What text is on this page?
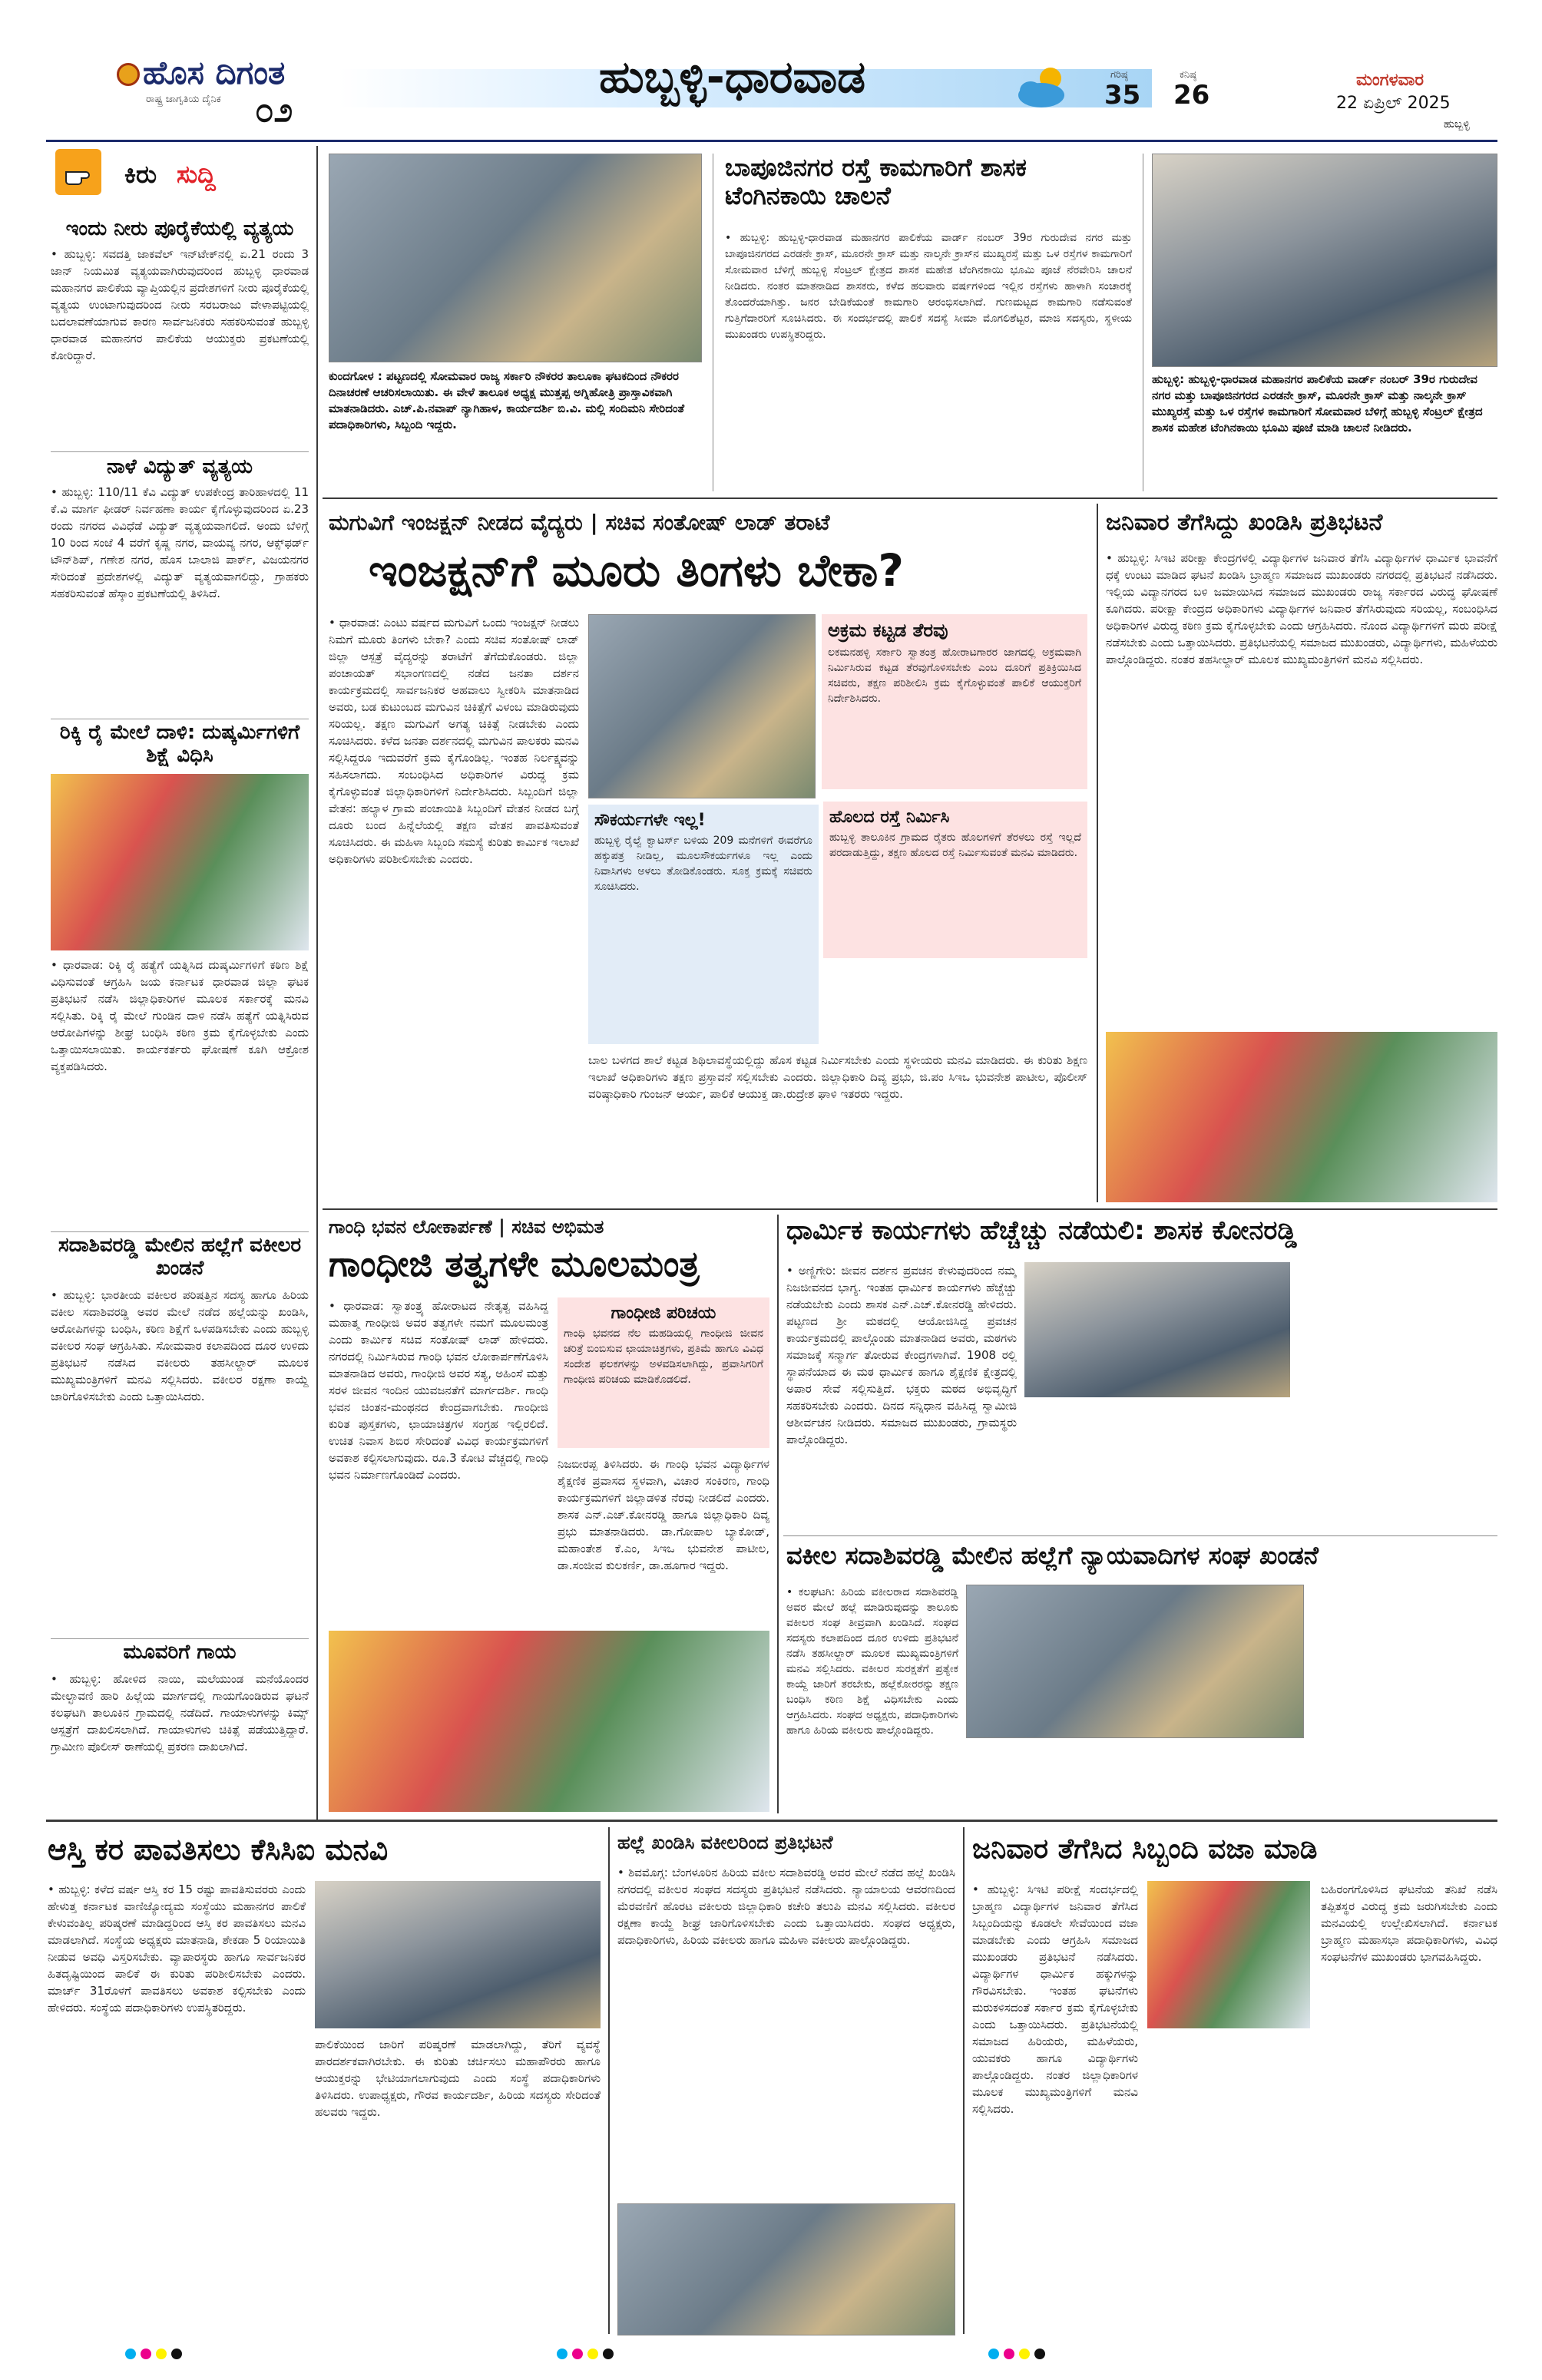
ಹೊಸ ದಿಗಂತ
ರಾಷ್ಟ್ರ ಜಾಗೃತಿಯ ದೈನಿಕ ೦೨
ಹುಬ್ಬಳ್ಳಿ-ಧಾರವಾಡ	ಗರಿಷ್ಠ
35
ಕನಿಷ್ಠ
26	ಮಂಗಳವಾರ
22 ಏಪ್ರಿಲ್ 2025
ಹುಬ್ಬಳ್ಳಿ
ಕಿರು ಸುದ್ದಿ
ಇಂದು ನೀರು ಪೂರೈಕೆಯಲ್ಲಿ ವ್ಯತ್ಯಯ
• ಹುಬ್ಬಳ್ಳಿ: ಸವದತ್ತಿ ಜಾಕವೆಲ್ ಇನ್‌ಟೇಕ್‌ನಲ್ಲಿ ಏ.21 ರಂದು 3 ಜಾನ್ ನಿಯಮಿತ ವ್ಯತ್ಯಯವಾಗಿರುವುದರಿಂದ ಹುಬ್ಬಳ್ಳಿ ಧಾರವಾಡ ಮಹಾನಗರ ಪಾಲಿಕೆಯ ವ್ಯಾಪ್ತಿಯಲ್ಲಿನ ಪ್ರದೇಶಗಳಿಗೆ ನೀರು ಪೂರೈಕೆಯಲ್ಲಿ ವ್ಯತ್ಯಯ ಉಂಟಾಗುವುದರಿಂದ ನೀರು ಸರಬರಾಜು ವೇಳಾಪಟ್ಟಿಯಲ್ಲಿ ಬದಲಾವಣೆಯಾಗುವ ಕಾರಣ ಸಾರ್ವಜನಿಕರು ಸಹಕರಿಸುವಂತೆ ಹುಬ್ಬಳ್ಳಿ ಧಾರವಾಡ ಮಹಾನಗರ ಪಾಲಿಕೆಯ ಆಯುಕ್ತರು ಪ್ರಕಟಣೆಯಲ್ಲಿ ಕೋರಿದ್ದಾರೆ.
ನಾಳೆ ವಿದ್ಯುತ್ ವ್ಯತ್ಯಯ
• ಹುಬ್ಬಳ್ಳಿ: 110/11 ಕೆವಿ ವಿದ್ಯುತ್ ಉಪಕೇಂದ್ರ ತಾರಿಹಾಳದಲ್ಲಿ 11 ಕೆ.ವಿ ಮಾರ್ಗ ಫೀಡರ್ ನಿರ್ವಹಣಾ ಕಾರ್ಯ ಕೈಗೊಳ್ಳುವುದರಿಂದ ಏ.23 ರಂದು ನಗರದ ವಿವಿಧೆಡೆ ವಿದ್ಯುತ್ ವ್ಯತ್ಯಯವಾಗಲಿದೆ. ಅಂದು ಬೆಳಿಗ್ಗೆ 10 ರಿಂದ ಸಂಜೆ 4 ವರೆಗೆ ಕೃಷ್ಣ ನಗರ, ವಾಯವ್ಯ ನಗರ, ಆಕ್ಸ್‌ಫರ್ಡ್ ಟೌನ್‌ಶಿಪ್, ಗಣೇಶ ನಗರ, ಹೊಸ ಬಾಲಾಜಿ ಪಾರ್ಕ್, ವಿಜಯನಗರ ಸೇರಿದಂತೆ ಪ್ರದೇಶಗಳಲ್ಲಿ ವಿದ್ಯುತ್ ವ್ಯತ್ಯಯವಾಗಲಿದ್ದು, ಗ್ರಾಹಕರು ಸಹಕರಿಸುವಂತೆ ಹೆಸ್ಕಾಂ ಪ್ರಕಟಣೆಯಲ್ಲಿ ತಿಳಿಸಿದೆ.
ರಿಕ್ಕಿ ರೈ ಮೇಲೆ ದಾಳಿ: ದುಷ್ಕರ್ಮಿಗಳಿಗೆ ಶಿಕ್ಷೆ ವಿಧಿಸಿ
• ಧಾರವಾಡ: ರಿಕ್ಕಿ ರೈ ಹತ್ಯೆಗೆ ಯತ್ನಿಸಿದ ದುಷ್ಕರ್ಮಿಗಳಿಗೆ ಕಠಿಣ ಶಿಕ್ಷೆ ವಿಧಿಸುವಂತೆ ಆಗ್ರಹಿಸಿ ಜಯ ಕರ್ನಾಟಕ ಧಾರವಾಡ ಜಿಲ್ಲಾ ಘಟಕ ಪ್ರತಿಭಟನೆ ನಡೆಸಿ ಜಿಲ್ಲಾಧಿಕಾರಿಗಳ ಮೂಲಕ ಸರ್ಕಾರಕ್ಕೆ ಮನವಿ ಸಲ್ಲಿಸಿತು. ರಿಕ್ಕಿ ರೈ ಮೇಲೆ ಗುಂಡಿನ ದಾಳಿ ನಡೆಸಿ ಹತ್ಯೆಗೆ ಯತ್ನಿಸಿರುವ ಆರೋಪಿಗಳನ್ನು ಶೀಘ್ರ ಬಂಧಿಸಿ ಕಠಿಣ ಕ್ರಮ ಕೈಗೊಳ್ಳಬೇಕು ಎಂದು ಒತ್ತಾಯಿಸಲಾಯಿತು. ಕಾರ್ಯಕರ್ತರು ಘೋಷಣೆ ಕೂಗಿ ಆಕ್ರೋಶ ವ್ಯಕ್ತಪಡಿಸಿದರು.
ಸದಾಶಿವರಡ್ಡಿ ಮೇಲಿನ ಹಲ್ಲೆಗೆ ವಕೀಲರ ಖಂಡನೆ
• ಹುಬ್ಬಳ್ಳಿ: ಭಾರತೀಯ ವಕೀಲರ ಪರಿಷತ್ತಿನ ಸದಸ್ಯ ಹಾಗೂ ಹಿರಿಯ ವಕೀಲ ಸದಾಶಿವರಡ್ಡಿ ಅವರ ಮೇಲೆ ನಡೆದ ಹಲ್ಲೆಯನ್ನು ಖಂಡಿಸಿ, ಆರೋಪಿಗಳನ್ನು ಬಂಧಿಸಿ, ಕಠಿಣ ಶಿಕ್ಷೆಗೆ ಒಳಪಡಿಸಬೇಕು ಎಂದು ಹುಬ್ಬಳ್ಳಿ ವಕೀಲರ ಸಂಘ ಆಗ್ರಹಿಸಿತು. ಸೋಮವಾರ ಕಲಾಪದಿಂದ ದೂರ ಉಳಿದು ಪ್ರತಿಭಟನೆ ನಡೆಸಿದ ವಕೀಲರು ತಹಸೀಲ್ದಾರ್ ಮೂಲಕ ಮುಖ್ಯಮಂತ್ರಿಗಳಿಗೆ ಮನವಿ ಸಲ್ಲಿಸಿದರು. ವಕೀಲರ ರಕ್ಷಣಾ ಕಾಯ್ದೆ ಜಾರಿಗೊಳಿಸಬೇಕು ಎಂದು ಒತ್ತಾಯಿಸಿದರು.
ಮೂವರಿಗೆ ಗಾಯ
• ಹುಬ್ಬಳ್ಳಿ: ಹೋಳಿದ ನಾಯಿ, ಮಲೆಯುಂಡ ಮನೆಯೊಂದರ ಮೇಲ್ಛಾವಣಿ ಹಾರಿ ಹಿಲ್ಲೆಯ ಮಾರ್ಗದಲ್ಲಿ ಗಾಯಗೊಂಡಿರುವ ಘಟನೆ ಕಲಘಟಗಿ ತಾಲೂಕಿನ ಗ್ರಾಮದಲ್ಲಿ ನಡೆದಿದೆ. ಗಾಯಾಳುಗಳನ್ನು ಕಿಮ್ಸ್ ಆಸ್ಪತ್ರೆಗೆ ದಾಖಲಿಸಲಾಗಿದೆ. ಗಾಯಾಳುಗಳು ಚಿಕಿತ್ಸೆ ಪಡೆಯುತ್ತಿದ್ದಾರೆ. ಗ್ರಾಮೀಣ ಪೊಲೀಸ್ ಠಾಣೆಯಲ್ಲಿ ಪ್ರಕರಣ ದಾಖಲಾಗಿದೆ.
ಕುಂದಗೋಳ : ಪಟ್ಟಣದಲ್ಲಿ ಸೋಮವಾರ ರಾಜ್ಯ ಸರ್ಕಾರಿ ನೌಕರರ ತಾಲೂಕಾ ಘಟಕದಿಂದ ನೌಕರರ ದಿನಾಚರಣೆ ಆಚರಿಸಲಾಯಿತು. ಈ ವೇಳೆ ತಾಲೂಕ ಅಧ್ಯಕ್ಷ ಮುತ್ತಪ್ಪ ಅಗ್ನಿಹೋತ್ರಿ ಪ್ರಾಸ್ತಾವಿಕವಾಗಿ ಮಾತನಾಡಿದರು. ಎಚ್.ಪಿ.ನವಾಪ್ ನ್ಯಾಗಿಹಾಳ, ಕಾರ್ಯದರ್ಶಿ ಬಿ.ವಿ. ಮಲ್ಲಿ ಸಂದಿಮನಿ ಸೇರಿದಂತೆ ಪದಾಧಿಕಾರಿಗಳು, ಸಿಬ್ಬಂದಿ ಇದ್ದರು.
ಬಾಪೂಜಿನಗರ ರಸ್ತೆ ಕಾಮಗಾರಿಗೆ ಶಾಸಕ ಟೆಂಗಿನಕಾಯಿ ಚಾಲನೆ
• ಹುಬ್ಬಳ್ಳಿ: ಹುಬ್ಬಳ್ಳಿ-ಧಾರವಾಡ ಮಹಾನಗರ ಪಾಲಿಕೆಯ ವಾರ್ಡ್ ನಂಬರ್ 39ರ ಗುರುದೇವ ನಗರ ಮತ್ತು ಬಾಪೂಜಿನಗರದ ಎರಡನೇ ಕ್ರಾಸ್, ಮೂರನೇ ಕ್ರಾಸ್ ಮತ್ತು ನಾಲ್ಕನೇ ಕ್ರಾಸ್‌ನ ಮುಖ್ಯರಸ್ತೆ ಮತ್ತು ಒಳ ರಸ್ತೆಗಳ ಕಾಮಗಾರಿಗೆ ಸೋಮವಾರ ಬೆಳಿಗ್ಗೆ ಹುಬ್ಬಳ್ಳಿ ಸೆಂಟ್ರಲ್ ಕ್ಷೇತ್ರದ ಶಾಸಕ ಮಹೇಶ ಟೆಂಗಿನಕಾಯಿ ಭೂಮಿ ಪೂಜೆ ನೆರವೇರಿಸಿ ಚಾಲನೆ ನೀಡಿದರು. ನಂತರ ಮಾತನಾಡಿದ ಶಾಸಕರು, ಕಳೆದ ಹಲವಾರು ವರ್ಷಗಳಿಂದ ಇಲ್ಲಿನ ರಸ್ತೆಗಳು ಹಾಳಾಗಿ ಸಂಚಾರಕ್ಕೆ ತೊಂದರೆಯಾಗಿತ್ತು. ಜನರ ಬೇಡಿಕೆಯಂತೆ ಕಾಮಗಾರಿ ಆರಂಭಿಸಲಾಗಿದೆ. ಗುಣಮಟ್ಟದ ಕಾಮಗಾರಿ ನಡೆಸುವಂತೆ ಗುತ್ತಿಗೆದಾರರಿಗೆ ಸೂಚಿಸಿದರು. ಈ ಸಂದರ್ಭದಲ್ಲಿ ಪಾಲಿಕೆ ಸದಸ್ಯೆ ಸೀಮಾ ಮೊಗಲಿಶೆಟ್ಟರ, ಮಾಜಿ ಸದಸ್ಯರು, ಸ್ಥಳೀಯ ಮುಖಂಡರು ಉಪಸ್ಥಿತರಿದ್ದರು.
ಹುಬ್ಬಳ್ಳಿ: ಹುಬ್ಬಳ್ಳಿ-ಧಾರವಾಡ ಮಹಾನಗರ ಪಾಲಿಕೆಯ ವಾರ್ಡ್ ನಂಬರ್ 39ರ ಗುರುದೇವ ನಗರ ಮತ್ತು ಬಾಪೂಜಿನಗರದ ಎರಡನೇ ಕ್ರಾಸ್, ಮೂರನೇ ಕ್ರಾಸ್ ಮತ್ತು ನಾಲ್ಕನೇ ಕ್ರಾಸ್ ಮುಖ್ಯರಸ್ತೆ ಮತ್ತು ಒಳ ರಸ್ತೆಗಳ ಕಾಮಗಾರಿಗೆ ಸೋಮವಾರ ಬೆಳಿಗ್ಗೆ ಹುಬ್ಬಳ್ಳಿ ಸೆಂಟ್ರಲ್ ಕ್ಷೇತ್ರದ ಶಾಸಕ ಮಹೇಶ ಟೆಂಗಿನಕಾಯಿ ಭೂಮಿ ಪೂಜೆ ಮಾಡಿ ಚಾಲನೆ ನೀಡಿದರು.
ಮಗುವಿಗೆ ಇಂಜಕ್ಷನ್ ನೀಡದ ವೈದ್ಯರು | ಸಚಿವ ಸಂತೋಷ್ ಲಾಡ್ ತರಾಟೆ
ಇಂಜಕ್ಷನ್‌ಗೆ ಮೂರು ತಿಂಗಳು ಬೇಕಾ?
• ಧಾರವಾಡ: ಎಂಟು ವರ್ಷದ ಮಗುವಿಗೆ ಒಂದು ಇಂಜಕ್ಷನ್ ನೀಡಲು ನಿಮಗೆ ಮೂರು ತಿಂಗಳು ಬೇಕಾ? ಎಂದು ಸಚಿವ ಸಂತೋಷ್ ಲಾಡ್ ಜಿಲ್ಲಾ ಆಸ್ಪತ್ರೆ ವೈದ್ಯರನ್ನು ತರಾಟೆಗೆ ತೆಗೆದುಕೊಂಡರು. ಜಿಲ್ಲಾ ಪಂಚಾಯತ್ ಸಭಾಂಗಣದಲ್ಲಿ ನಡೆದ ಜನತಾ ದರ್ಶನ ಕಾರ್ಯಕ್ರಮದಲ್ಲಿ ಸಾರ್ವಜನಿಕರ ಅಹವಾಲು ಸ್ವೀಕರಿಸಿ ಮಾತನಾಡಿದ ಅವರು, ಬಡ ಕುಟುಂಬದ ಮಗುವಿನ ಚಿಕಿತ್ಸೆಗೆ ವಿಳಂಬ ಮಾಡಿರುವುದು ಸರಿಯಲ್ಲ. ತಕ್ಷಣ ಮಗುವಿಗೆ ಅಗತ್ಯ ಚಿಕಿತ್ಸೆ ನೀಡಬೇಕು ಎಂದು ಸೂಚಿಸಿದರು. ಕಳೆದ ಜನತಾ ದರ್ಶನದಲ್ಲಿ ಮಗುವಿನ ಪಾಲಕರು ಮನವಿ ಸಲ್ಲಿಸಿದ್ದರೂ ಇದುವರೆಗೆ ಕ್ರಮ ಕೈಗೊಂಡಿಲ್ಲ. ಇಂತಹ ನಿರ್ಲಕ್ಷ್ಯವನ್ನು ಸಹಿಸಲಾಗದು. ಸಂಬಂಧಿಸಿದ ಅಧಿಕಾರಿಗಳ ವಿರುದ್ಧ ಕ್ರಮ ಕೈಗೊಳ್ಳುವಂತೆ ಜಿಲ್ಲಾಧಿಕಾರಿಗಳಿಗೆ ನಿರ್ದೇಶಿಸಿದರು. ಸಿಬ್ಬಂದಿಗೆ ಜಿಲ್ಲಾ ವೇತನ: ಹಲ್ಯಾಳ ಗ್ರಾಮ ಪಂಚಾಯಿತಿ ಸಿಬ್ಬಂದಿಗೆ ವೇತನ ನೀಡದ ಬಗ್ಗೆ ದೂರು ಬಂದ ಹಿನ್ನೆಲೆಯಲ್ಲಿ ತಕ್ಷಣ ವೇತನ ಪಾವತಿಸುವಂತೆ ಸೂಚಿಸಿದರು. ಈ ಮಹಿಳಾ ಸಿಬ್ಬಂದಿ ಸಮಸ್ಯೆ ಕುರಿತು ಕಾರ್ಮಿಕ ಇಲಾಖೆ ಅಧಿಕಾರಿಗಳು ಪರಿಶೀಲಿಸಬೇಕು ಎಂದರು.
ಬಾಲ ಬಳಗದ ಶಾಲೆ ಕಟ್ಟಡ ಶಿಥಿಲಾವಸ್ಥೆಯಲ್ಲಿದ್ದು ಹೊಸ ಕಟ್ಟಡ ನಿರ್ಮಿಸಬೇಕು ಎಂದು ಸ್ಥಳೀಯರು ಮನವಿ ಮಾಡಿದರು. ಈ ಕುರಿತು ಶಿಕ್ಷಣ ಇಲಾಖೆ ಅಧಿಕಾರಿಗಳು ತಕ್ಷಣ ಪ್ರಸ್ತಾವನೆ ಸಲ್ಲಿಸಬೇಕು ಎಂದರು. ಜಿಲ್ಲಾಧಿಕಾರಿ ದಿವ್ಯ ಪ್ರಭು, ಜಿ.ಪಂ ಸಿಇಒ ಭುವನೇಶ ಪಾಟೀಲ, ಪೊಲೀಸ್ ವರಿಷ್ಠಾಧಿಕಾರಿ ಗುಂಜನ್ ಆರ್ಯ, ಪಾಲಿಕೆ ಆಯುಕ್ತ ಡಾ.ರುದ್ರೇಶ ಘಾಳಿ ಇತರರು ಇದ್ದರು.
ಅಕ್ರಮ ಕಟ್ಟಡ ತೆರವು
ಲಕಮನಹಳ್ಳಿ ಸರ್ಕಾರಿ ಸ್ವಾತಂತ್ರ ಹೋರಾಟಗಾರರ ಜಾಗದಲ್ಲಿ ಅಕ್ರಮವಾಗಿ ನಿರ್ಮಿಸಿರುವ ಕಟ್ಟಡ ತೆರವುಗೊಳಿಸಬೇಕು ಎಂಬ ದೂರಿಗೆ ಪ್ರತಿಕ್ರಿಯಿಸಿದ ಸಚಿವರು, ತಕ್ಷಣ ಪರಿಶೀಲಿಸಿ ಕ್ರಮ ಕೈಗೊಳ್ಳುವಂತೆ ಪಾಲಿಕೆ ಆಯುಕ್ತರಿಗೆ ನಿರ್ದೇಶಿಸಿದರು.
ಸೌಕರ್ಯಗಳೇ ಇಲ್ಲ!
ಹುಬ್ಬಳ್ಳಿ ರೈಲ್ವೆ ಕ್ವಾಟರ್ಸ್ ಬಳಿಯ 209 ಮನೆಗಳಿಗೆ ಈವರೆಗೂ ಹಕ್ಕುಪತ್ರ ನೀಡಿಲ್ಲ, ಮೂಲಸೌಕರ್ಯಗಳೂ ಇಲ್ಲ ಎಂದು ನಿವಾಸಿಗಳು ಅಳಲು ತೋಡಿಕೊಂಡರು. ಸೂಕ್ತ ಕ್ರಮಕ್ಕೆ ಸಚಿವರು ಸೂಚಿಸಿದರು.
ಹೊಲದ ರಸ್ತೆ ನಿರ್ಮಿಸಿ
ಹುಬ್ಬಳ್ಳಿ ತಾಲೂಕಿನ ಗ್ರಾಮದ ರೈತರು ಹೊಲಗಳಿಗೆ ತೆರಳಲು ರಸ್ತೆ ಇಲ್ಲದೆ ಪರದಾಡುತ್ತಿದ್ದು, ತಕ್ಷಣ ಹೊಲದ ರಸ್ತೆ ನಿರ್ಮಿಸುವಂತೆ ಮನವಿ ಮಾಡಿದರು.
ಜನಿವಾರ ತೆಗೆಸಿದ್ದು ಖಂಡಿಸಿ ಪ್ರತಿಭಟನೆ
• ಹುಬ್ಬಳ್ಳಿ: ಸಿಇಟಿ ಪರೀಕ್ಷಾ ಕೇಂದ್ರಗಳಲ್ಲಿ ವಿದ್ಯಾರ್ಥಿಗಳ ಜನಿವಾರ ತೆಗೆಸಿ ವಿದ್ಯಾರ್ಥಿಗಳ ಧಾರ್ಮಿಕ ಭಾವನೆಗೆ ಧಕ್ಕೆ ಉಂಟು ಮಾಡಿದ ಘಟನೆ ಖಂಡಿಸಿ ಬ್ರಾಹ್ಮಣ ಸಮಾಜದ ಮುಖಂಡರು ನಗರದಲ್ಲಿ ಪ್ರತಿಭಟನೆ ನಡೆಸಿದರು. ಇಲ್ಲಿಯ ವಿದ್ಯಾನಗರದ ಬಳಿ ಜಮಾಯಿಸಿದ ಸಮಾಜದ ಮುಖಂಡರು ರಾಜ್ಯ ಸರ್ಕಾರದ ವಿರುದ್ಧ ಘೋಷಣೆ ಕೂಗಿದರು. ಪರೀಕ್ಷಾ ಕೇಂದ್ರದ ಅಧಿಕಾರಿಗಳು ವಿದ್ಯಾರ್ಥಿಗಳ ಜನಿವಾರ ತೆಗೆಸಿರುವುದು ಸರಿಯಲ್ಲ, ಸಂಬಂಧಿಸಿದ ಅಧಿಕಾರಿಗಳ ವಿರುದ್ಧ ಕಠಿಣ ಕ್ರಮ ಕೈಗೊಳ್ಳಬೇಕು ಎಂದು ಆಗ್ರಹಿಸಿದರು. ನೊಂದ ವಿದ್ಯಾರ್ಥಿಗಳಿಗೆ ಮರು ಪರೀಕ್ಷೆ ನಡೆಸಬೇಕು ಎಂದು ಒತ್ತಾಯಿಸಿದರು. ಪ್ರತಿಭಟನೆಯಲ್ಲಿ ಸಮಾಜದ ಮುಖಂಡರು, ವಿದ್ಯಾರ್ಥಿಗಳು, ಮಹಿಳೆಯರು ಪಾಲ್ಗೊಂಡಿದ್ದರು. ನಂತರ ತಹಸೀಲ್ದಾರ್ ಮೂಲಕ ಮುಖ್ಯಮಂತ್ರಿಗಳಿಗೆ ಮನವಿ ಸಲ್ಲಿಸಿದರು.
ಗಾಂಧಿ ಭವನ ಲೋಕಾರ್ಪಣೆ | ಸಚಿವ ಅಭಿಮತ
ಗಾಂಧೀಜಿ ತತ್ವಗಳೇ ಮೂಲಮಂತ್ರ
• ಧಾರವಾಡ: ಸ್ವಾತಂತ್ರ್ಯ ಹೋರಾಟದ ನೇತೃತ್ವ ವಹಿಸಿದ್ದ ಮಹಾತ್ಮ ಗಾಂಧೀಜಿ ಅವರ ತತ್ವಗಳೇ ನಮಗೆ ಮೂಲಮಂತ್ರ ಎಂದು ಕಾರ್ಮಿಕ ಸಚಿವ ಸಂತೋಷ್ ಲಾಡ್ ಹೇಳಿದರು. ನಗರದಲ್ಲಿ ನಿರ್ಮಿಸಿರುವ ಗಾಂಧಿ ಭವನ ಲೋಕಾರ್ಪಣೆಗೊಳಿಸಿ ಮಾತನಾಡಿದ ಅವರು, ಗಾಂಧೀಜಿ ಅವರ ಸತ್ಯ, ಅಹಿಂಸೆ ಮತ್ತು ಸರಳ ಜೀವನ ಇಂದಿನ ಯುವಜನತೆಗೆ ಮಾರ್ಗದರ್ಶಿ. ಗಾಂಧಿ ಭವನ ಚಿಂತನ-ಮಂಥನದ ಕೇಂದ್ರವಾಗಬೇಕು. ಗಾಂಧೀಜಿ ಕುರಿತ ಪುಸ್ತಕಗಳು, ಛಾಯಾಚಿತ್ರಗಳ ಸಂಗ್ರಹ ಇಲ್ಲಿರಲಿದೆ. ಉಚಿತ ನಿವಾಸ ಶಿಬಿರ ಸೇರಿದಂತೆ ವಿವಿಧ ಕಾರ್ಯಕ್ರಮಗಳಿಗೆ ಅವಕಾಶ ಕಲ್ಪಿಸಲಾಗುವುದು. ರೂ.3 ಕೋಟಿ ವೆಚ್ಚದಲ್ಲಿ ಗಾಂಧಿ ಭವನ ನಿರ್ಮಾಣಗೊಂಡಿದೆ ಎಂದರು.
ಗಾಂಧೀಜಿ ಪರಿಚಯ
ಗಾಂಧಿ ಭವನದ ನೆಲ ಮಹಡಿಯಲ್ಲಿ ಗಾಂಧೀಜಿ ಜೀವನ ಚರಿತ್ರೆ ಬಿಂಬಿಸುವ ಛಾಯಾಚಿತ್ರಗಳು, ಪ್ರತಿಮೆ ಹಾಗೂ ವಿವಿಧ ಸಂದೇಶ ಫಲಕಗಳನ್ನು ಅಳವಡಿಸಲಾಗಿದ್ದು, ಪ್ರವಾಸಿಗರಿಗೆ ಗಾಂಧೀಜಿ ಪರಿಚಯ ಮಾಡಿಕೊಡಲಿದೆ.
ನಿಜಬೀರಪ್ಪ ತಿಳಿಸಿದರು. ಈ ಗಾಂಧಿ ಭವನ ವಿದ್ಯಾರ್ಥಿಗಳ ಶೈಕ್ಷಣಿಕ ಪ್ರವಾಸದ ಸ್ಥಳವಾಗಿ, ವಿಚಾರ ಸಂಕಿರಣ, ಗಾಂಧಿ ಕಾರ್ಯಕ್ರಮಗಳಿಗೆ ಜಿಲ್ಲಾಡಳಿತ ನೆರವು ನೀಡಲಿದೆ ಎಂದರು. ಶಾಸಕ ಎನ್.ಎಚ್.ಕೋನರಡ್ಡಿ ಹಾಗೂ ಜಿಲ್ಲಾಧಿಕಾರಿ ದಿವ್ಯ ಪ್ರಭು ಮಾತನಾಡಿದರು. ಡಾ.ಗೋಪಾಲ ಬ್ಯಾಕೋಡ್, ಮಹಾಂತೇಶ ಕೆ.ಎಂ, ಸಿಇಒ ಭುವನೇಶ ಪಾಟೀಲ, ಡಾ.ಸಂಜೀವ ಕುಲಕರ್ಣಿ, ಡಾ.ಹೂಗಾರ ಇದ್ದರು.
ಧಾರ್ಮಿಕ ಕಾರ್ಯಗಳು ಹೆಚ್ಚೆಚ್ಚು ನಡೆಯಲಿ: ಶಾಸಕ ಕೋನರಡ್ಡಿ
• ಅಣ್ಣಿಗೇರಿ: ಜೀವನ ದರ್ಶನ ಪ್ರವಚನ ಕೇಳುವುದರಿಂದ ನಮ್ಮ ನಿಜಜೀವನದ ಭಾಗ್ಯ. ಇಂತಹ ಧಾರ್ಮಿಕ ಕಾರ್ಯಗಳು ಹೆಚ್ಚೆಚ್ಚು ನಡೆಯಬೇಕು ಎಂದು ಶಾಸಕ ಎನ್.ಎಚ್.ಕೋನರಡ್ಡಿ ಹೇಳಿದರು. ಪಟ್ಟಣದ ಶ್ರೀ ಮಠದಲ್ಲಿ ಆಯೋಜಿಸಿದ್ದ ಪ್ರವಚನ ಕಾರ್ಯಕ್ರಮದಲ್ಲಿ ಪಾಲ್ಗೊಂಡು ಮಾತನಾಡಿದ ಅವರು, ಮಠಗಳು ಸಮಾಜಕ್ಕೆ ಸನ್ಮಾರ್ಗ ತೋರುವ ಕೇಂದ್ರಗಳಾಗಿವೆ. 1908 ರಲ್ಲಿ ಸ್ಥಾಪನೆಯಾದ ಈ ಮಠ ಧಾರ್ಮಿಕ ಹಾಗೂ ಶೈಕ್ಷಣಿಕ ಕ್ಷೇತ್ರದಲ್ಲಿ ಅಪಾರ ಸೇವೆ ಸಲ್ಲಿಸುತ್ತಿದೆ. ಭಕ್ತರು ಮಠದ ಅಭಿವೃದ್ಧಿಗೆ ಸಹಕರಿಸಬೇಕು ಎಂದರು. ದಿನದ ಸನ್ನಿಧಾನ ವಹಿಸಿದ್ದ ಸ್ವಾಮೀಜಿ ಆಶೀರ್ವಚನ ನೀಡಿದರು. ಸಮಾಜದ ಮುಖಂಡರು, ಗ್ರಾಮಸ್ಥರು ಪಾಲ್ಗೊಂಡಿದ್ದರು.
ವಕೀಲ ಸದಾಶಿವರಡ್ಡಿ ಮೇಲಿನ ಹಲ್ಲೆಗೆ ನ್ಯಾಯವಾದಿಗಳ ಸಂಘ ಖಂಡನೆ
• ಕಲಘಟಗಿ: ಹಿರಿಯ ವಕೀಲರಾದ ಸದಾಶಿವರಡ್ಡಿ ಅವರ ಮೇಲೆ ಹಲ್ಲೆ ಮಾಡಿರುವುದನ್ನು ತಾಲೂಕು ವಕೀಲರ ಸಂಘ ತೀವ್ರವಾಗಿ ಖಂಡಿಸಿದೆ. ಸಂಘದ ಸದಸ್ಯರು ಕಲಾಪದಿಂದ ದೂರ ಉಳಿದು ಪ್ರತಿಭಟನೆ ನಡೆಸಿ ತಹಸೀಲ್ದಾರ್ ಮೂಲಕ ಮುಖ್ಯಮಂತ್ರಿಗಳಿಗೆ ಮನವಿ ಸಲ್ಲಿಸಿದರು. ವಕೀಲರ ಸುರಕ್ಷತೆಗೆ ಪ್ರತ್ಯೇಕ ಕಾಯ್ದೆ ಜಾರಿಗೆ ತರಬೇಕು, ಹಲ್ಲೆಕೋರರನ್ನು ತಕ್ಷಣ ಬಂಧಿಸಿ ಕಠಿಣ ಶಿಕ್ಷೆ ವಿಧಿಸಬೇಕು ಎಂದು ಆಗ್ರಹಿಸಿದರು. ಸಂಘದ ಅಧ್ಯಕ್ಷರು, ಪದಾಧಿಕಾರಿಗಳು ಹಾಗೂ ಹಿರಿಯ ವಕೀಲರು ಪಾಲ್ಗೊಂಡಿದ್ದರು.
ಆಸ್ತಿ ಕರ ಪಾವತಿಸಲು ಕೆಸಿಸಿಐ ಮನವಿ
• ಹುಬ್ಬಳ್ಳಿ: ಕಳೆದ ವರ್ಷ ಆಸ್ತಿ ಕರ 15 ರಷ್ಟು ಪಾವತಿಸುವರರು ಎಂದು ಹೇಳುತ್ತ ಕರ್ನಾಟಕ ವಾಣಿಜ್ಯೋದ್ಯಮ ಸಂಸ್ಥೆಯು ಮಹಾನಗರ ಪಾಲಿಕೆ ಕೇಳುವಂತಿಲ್ಲ ಪರಿಷ್ಕರಣೆ ಮಾಡಿದ್ದರಿಂದ ಆಸ್ತಿ ಕರ ಪಾವತಿಸಲು ಮನವಿ ಮಾಡಲಾಗಿದೆ. ಸಂಸ್ಥೆಯ ಅಧ್ಯಕ್ಷರು ಮಾತನಾಡಿ, ಶೇಕಡಾ 5 ರಿಯಾಯಿತಿ ನೀಡುವ ಅವಧಿ ವಿಸ್ತರಿಸಬೇಕು. ವ್ಯಾಪಾರಸ್ಥರು ಹಾಗೂ ಸಾರ್ವಜನಿಕರ ಹಿತದೃಷ್ಟಿಯಿಂದ ಪಾಲಿಕೆ ಈ ಕುರಿತು ಪರಿಶೀಲಿಸಬೇಕು ಎಂದರು. ಮಾರ್ಚ್ 31ರೊಳಗೆ ಪಾವತಿಸಲು ಅವಕಾಶ ಕಲ್ಪಿಸಬೇಕು ಎಂದು ಹೇಳಿದರು. ಸಂಸ್ಥೆಯ ಪದಾಧಿಕಾರಿಗಳು ಉಪಸ್ಥಿತರಿದ್ದರು.
ಪಾಲಿಕೆಯಿಂದ ಜಾರಿಗೆ ಪರಿಷ್ಕರಣೆ ಮಾಡಲಾಗಿದ್ದು, ತೆರಿಗೆ ವ್ಯವಸ್ಥೆ ಪಾರದರ್ಶಕವಾಗಿರಬೇಕು. ಈ ಕುರಿತು ಚರ್ಚಿಸಲು ಮಹಾಪೌರರು ಹಾಗೂ ಆಯುಕ್ತರನ್ನು ಭೇಟಿಯಾಗಲಾಗುವುದು ಎಂದು ಸಂಸ್ಥೆ ಪದಾಧಿಕಾರಿಗಳು ತಿಳಿಸಿದರು. ಉಪಾಧ್ಯಕ್ಷರು, ಗೌರವ ಕಾರ್ಯದರ್ಶಿ, ಹಿರಿಯ ಸದಸ್ಯರು ಸೇರಿದಂತೆ ಹಲವರು ಇದ್ದರು.
ಹಲ್ಲೆ ಖಂಡಿಸಿ ವಕೀಲರಿಂದ ಪ್ರತಿಭಟನೆ
• ಶಿವಮೊಗ್ಗ: ಬೆಂಗಳೂರಿನ ಹಿರಿಯ ವಕೀಲ ಸದಾಶಿವರಡ್ಡಿ ಅವರ ಮೇಲೆ ನಡೆದ ಹಲ್ಲೆ ಖಂಡಿಸಿ ನಗರದಲ್ಲಿ ವಕೀಲರ ಸಂಘದ ಸದಸ್ಯರು ಪ್ರತಿಭಟನೆ ನಡೆಸಿದರು. ನ್ಯಾಯಾಲಯ ಆವರಣದಿಂದ ಮೆರವಣಿಗೆ ಹೊರಟ ವಕೀಲರು ಜಿಲ್ಲಾಧಿಕಾರಿ ಕಚೇರಿ ತಲುಪಿ ಮನವಿ ಸಲ್ಲಿಸಿದರು. ವಕೀಲರ ರಕ್ಷಣಾ ಕಾಯ್ದೆ ಶೀಘ್ರ ಜಾರಿಗೊಳಿಸಬೇಕು ಎಂದು ಒತ್ತಾಯಿಸಿದರು. ಸಂಘದ ಅಧ್ಯಕ್ಷರು, ಪದಾಧಿಕಾರಿಗಳು, ಹಿರಿಯ ವಕೀಲರು ಹಾಗೂ ಮಹಿಳಾ ವಕೀಲರು ಪಾಲ್ಗೊಂಡಿದ್ದರು.
ಜನಿವಾರ ತೆಗೆಸಿದ ಸಿಬ್ಬಂದಿ ವಜಾ ಮಾಡಿ
• ಹುಬ್ಬಳ್ಳಿ: ಸಿಇಟಿ ಪರೀಕ್ಷೆ ಸಂದರ್ಭದಲ್ಲಿ ಬ್ರಾಹ್ಮಣ ವಿದ್ಯಾರ್ಥಿಗಳ ಜನಿವಾರ ತೆಗೆಸಿದ ಸಿಬ್ಬಂದಿಯನ್ನು ಕೂಡಲೇ ಸೇವೆಯಿಂದ ವಜಾ ಮಾಡಬೇಕು ಎಂದು ಆಗ್ರಹಿಸಿ ಸಮಾಜದ ಮುಖಂಡರು ಪ್ರತಿಭಟನೆ ನಡೆಸಿದರು. ವಿದ್ಯಾರ್ಥಿಗಳ ಧಾರ್ಮಿಕ ಹಕ್ಕುಗಳನ್ನು ಗೌರವಿಸಬೇಕು. ಇಂತಹ ಘಟನೆಗಳು ಮರುಕಳಿಸದಂತೆ ಸರ್ಕಾರ ಕ್ರಮ ಕೈಗೊಳ್ಳಬೇಕು ಎಂದು ಒತ್ತಾಯಿಸಿದರು. ಪ್ರತಿಭಟನೆಯಲ್ಲಿ ಸಮಾಜದ ಹಿರಿಯರು, ಮಹಿಳೆಯರು, ಯುವಕರು ಹಾಗೂ ವಿದ್ಯಾರ್ಥಿಗಳು ಪಾಲ್ಗೊಂಡಿದ್ದರು. ನಂತರ ಜಿಲ್ಲಾಧಿಕಾರಿಗಳ ಮೂಲಕ ಮುಖ್ಯಮಂತ್ರಿಗಳಿಗೆ ಮನವಿ ಸಲ್ಲಿಸಿದರು.
ಬಹಿರಂಗಗೊಳಿಸಿದ ಘಟನೆಯ ತನಿಖೆ ನಡೆಸಿ ತಪ್ಪಿತಸ್ಥರ ವಿರುದ್ಧ ಕ್ರಮ ಜರುಗಿಸಬೇಕು ಎಂದು ಮನವಿಯಲ್ಲಿ ಉಲ್ಲೇಖಿಸಲಾಗಿದೆ. ಕರ್ನಾಟಕ ಬ್ರಾಹ್ಮಣ ಮಹಾಸಭಾ ಪದಾಧಿಕಾರಿಗಳು, ವಿವಿಧ ಸಂಘಟನೆಗಳ ಮುಖಂಡರು ಭಾಗವಹಿಸಿದ್ದರು.
